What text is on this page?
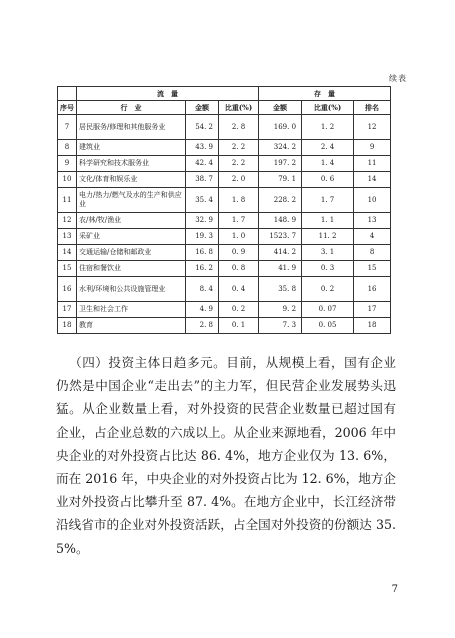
续表
	流　量			存　量		
序号	行　业	金额	比重(%)	金额	比重(%)	排名
7	居民服务/修理和其他服务业	54. 2	2. 8	169. 0	1. 2	12
8	建筑业	43. 9	2. 2	324. 2	2. 4	9
9	科学研究和技术服务业	42. 4	2. 2	197. 2	1. 4	11
10	文化/体育和娱乐业	38. 7	2. 0	79. 1	0. 6	14
11	电力/热力/燃气及水的生产和供应业	35. 4	1. 8	228. 2	1. 7	10
12	农/林/牧/渔业	32. 9	1. 7	148. 9	1. 1	13
13	采矿业	19. 3	1. 0	1523. 7	11. 2	4
14	交通运输/仓储和邮政业	16. 8	0. 9	414. 2	3. 1	8
15	住宿和餐饮业	16. 2	0. 8	41. 9	0. 3	15
16	水利/环境和公共设施管理业	8. 4	0. 4	35. 8	0. 2	16
17	卫生和社会工作	4. 9	0. 2	9. 2	0. 07	17
18	教育	2. 8	0. 1	7. 3	0. 05	18

 （四）投资主体日趋多元。目前，从规模上看，国有企业仍然是中国企业“走出去”的主力军，但民营企业发展势头迅猛。从企业数量上看，对外投资的民营企业数量已超过国有企业，占企业总数的六成以上。从企业来源地看，2006 年中央企业的对外投资占比达 86. 4%，地方企业仅为 13. 6%，而在 2016 年，中央企业的对外投资占比为 12. 6%，地方企业对外投资占比攀升至 87. 4%。在地方企业中，长江经济带沿线省市的企业对外投资活跃，占全国对外投资的份额达 35. 5%。

7
